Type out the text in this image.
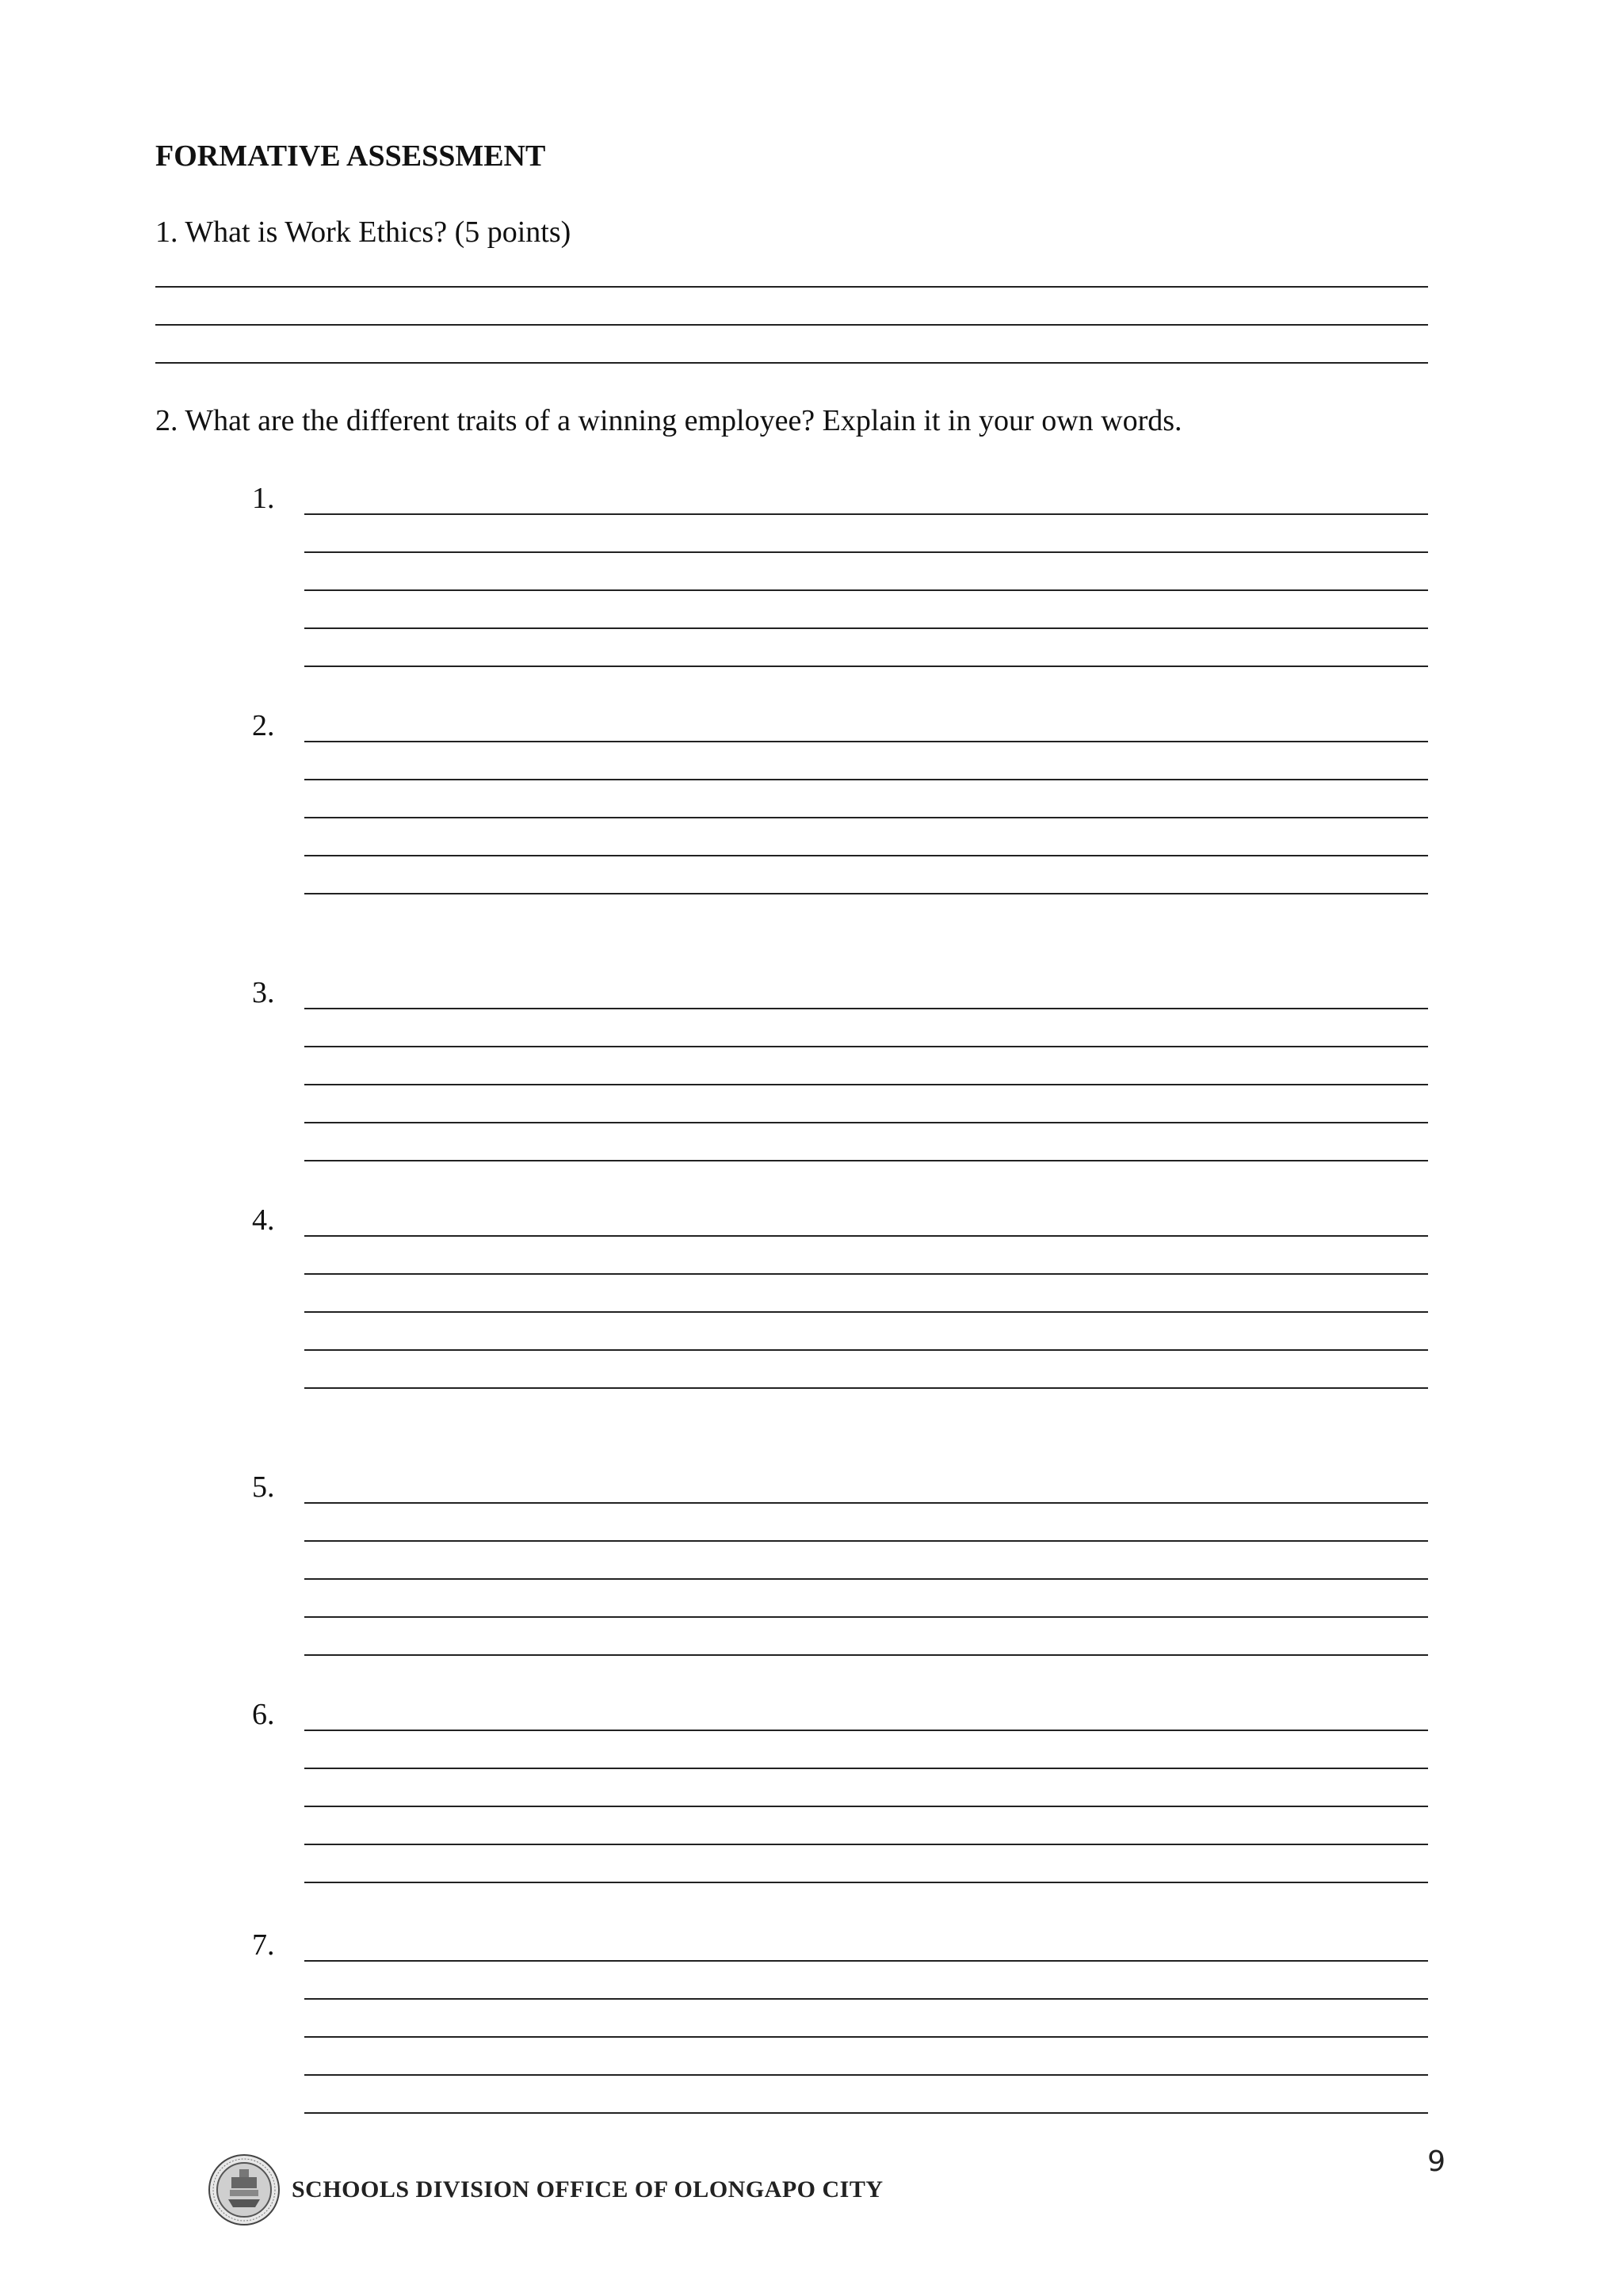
FORMATIVE ASSESSMENT

1. What is Work Ethics? (5 points)

2. What are the different traits of a winning employee? Explain it in your own words.

1.
2.
3.
4.
5.
6.
7.
9
SCHOOLS DIVISION OFFICE OF OLONGAPO CITY
